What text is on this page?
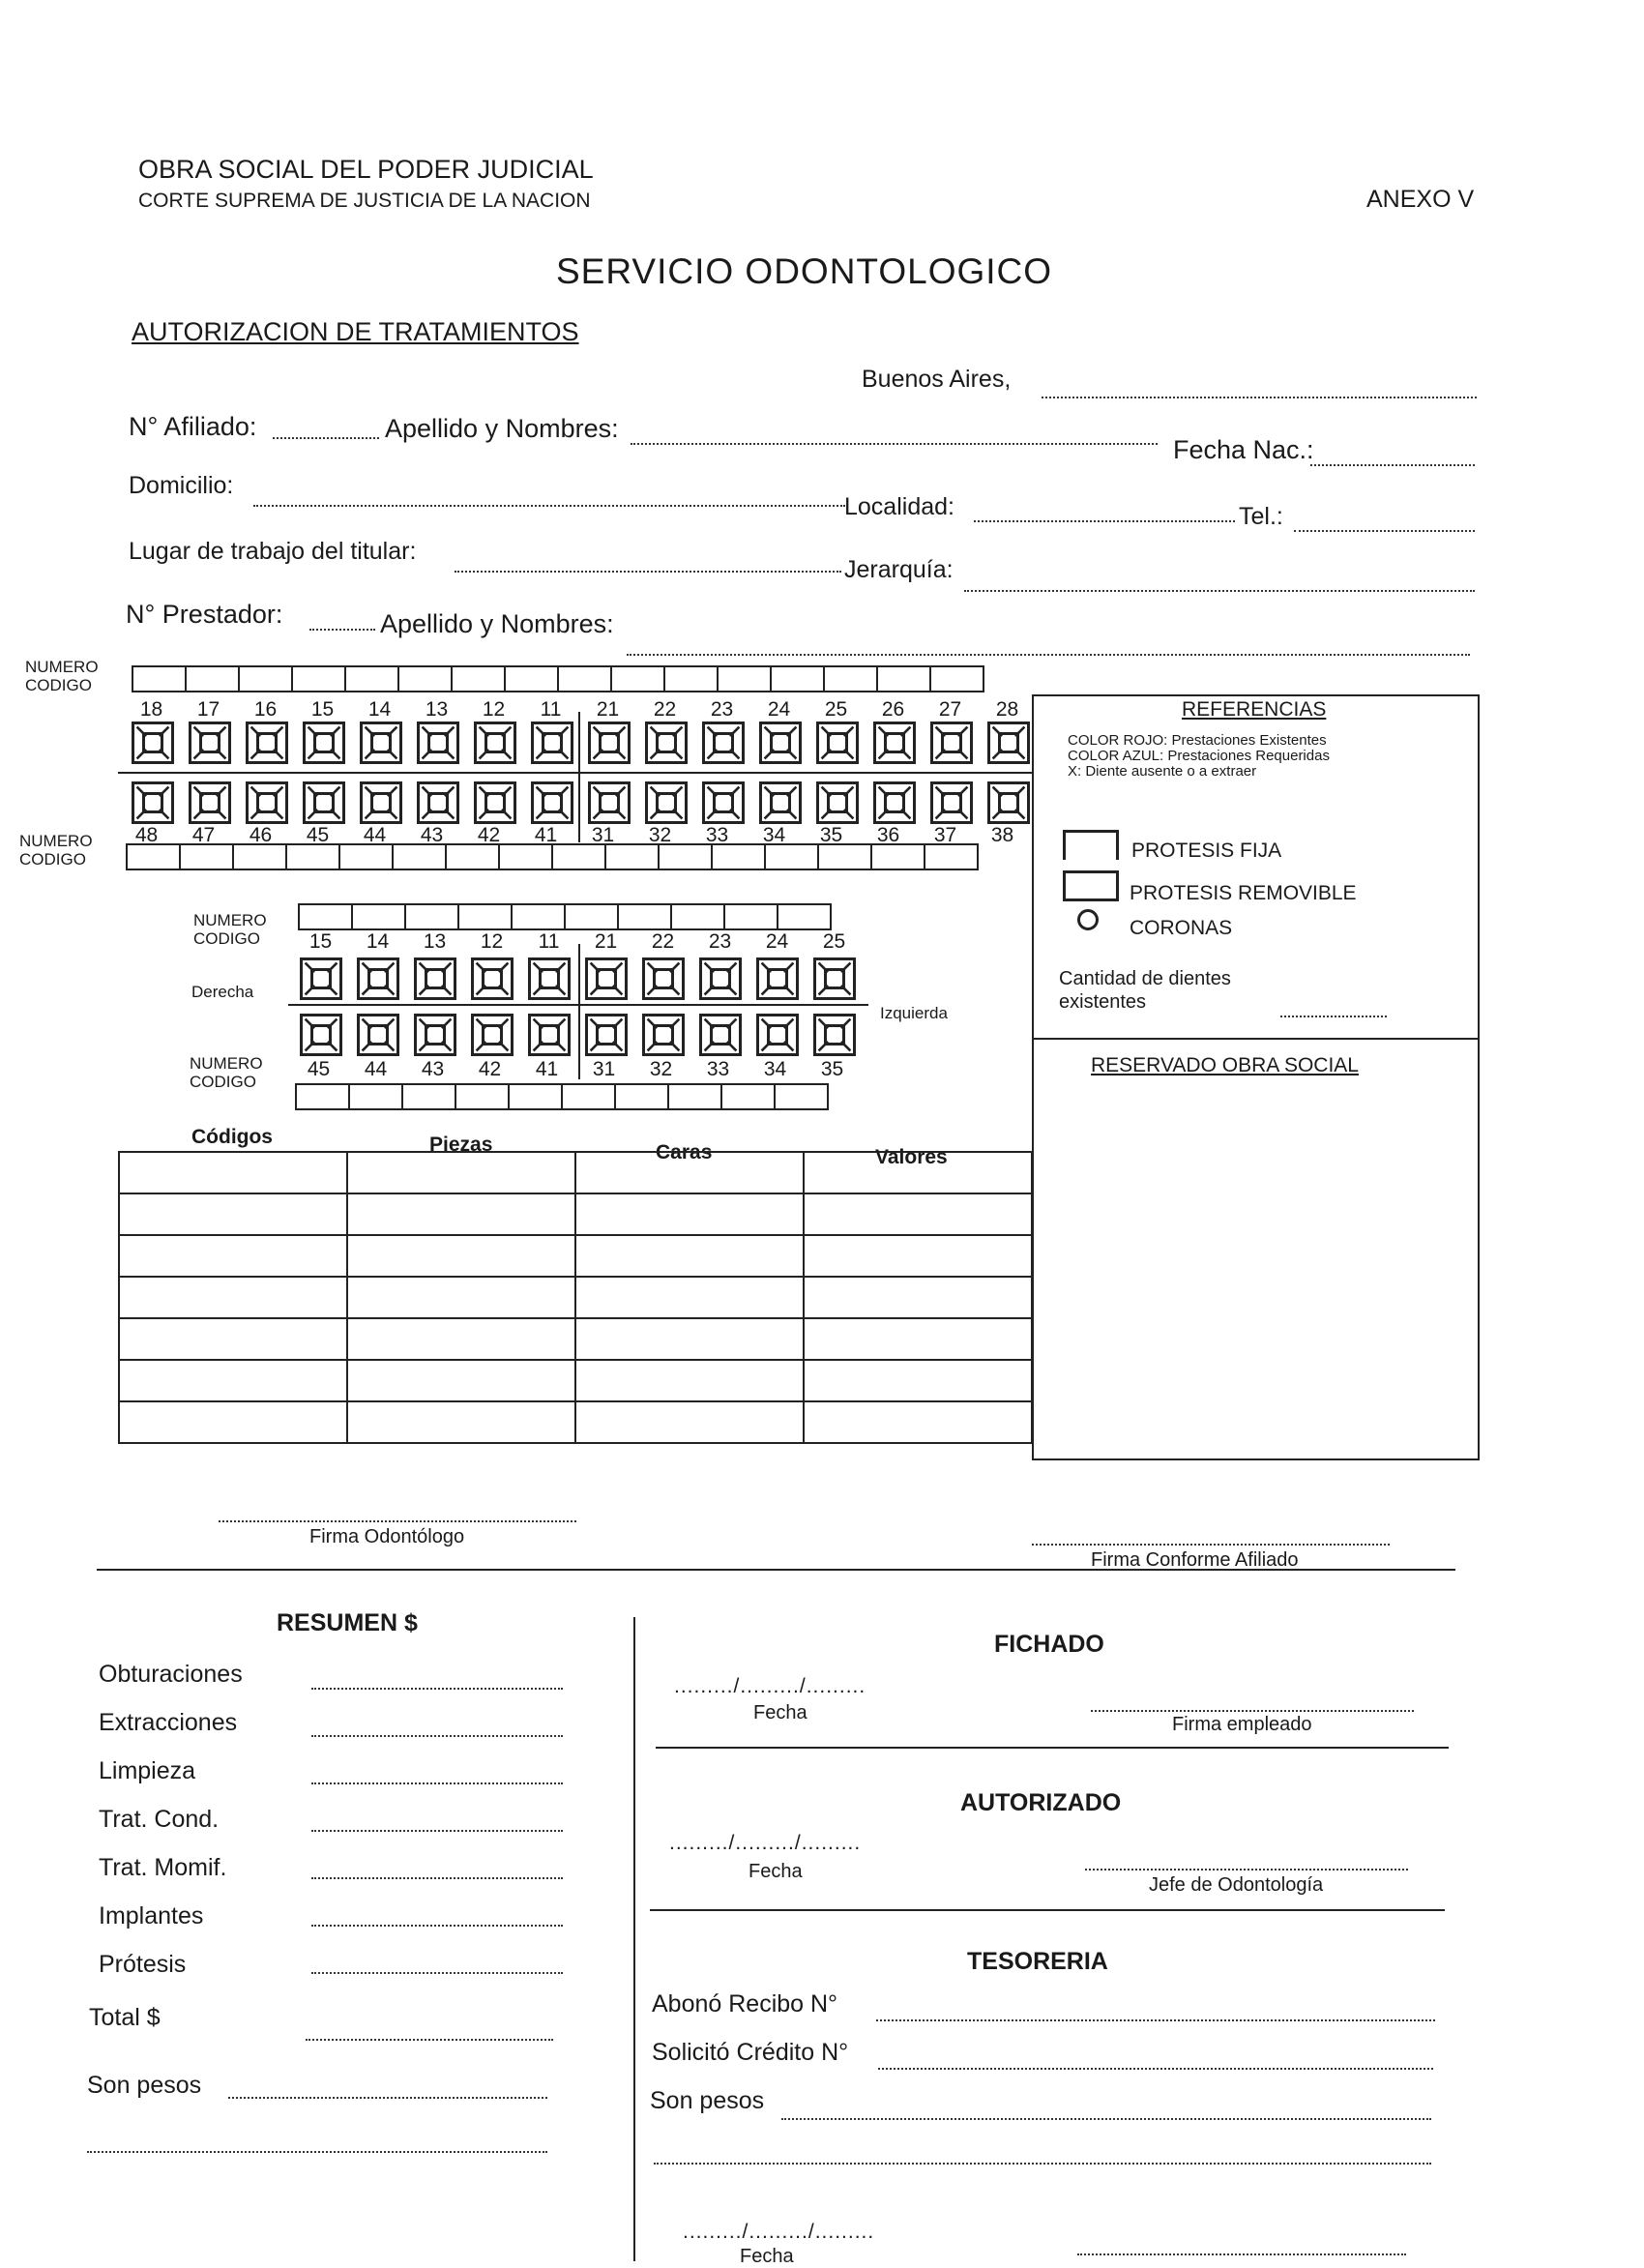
OBRA SOCIAL DEL PODER JUDICIAL
CORTE SUPREMA DE JUSTICIA DE LA NACION	ANEXO V
SERVICIO ODONTOLOGICO
AUTORIZACION DE TRATAMIENTOS
Buenos Aires,
N° Afiliado:	Apellido y Nombres:
Fecha Nac.:
Domicilio:
Localidad:	Tel.:
Lugar de trabajo del titular:
Jerarquía:
N° Prestador:	Apellido y Nombres:
NUMERO
CODIGO
18	17	16	15	14	13	12	11	21	22	23	24	25	26	27	28
48	47	46	45	44	43	42	41	31	32	33	34	35	36	37	38
NUMERO
CODIGO
NUMERO
CODIGO	15	14	13	12	11	21	22	23	24	25
Derecha
Izquierda
NUMERO
CODIGO
45	44	43	42	41	31	32	33	34	35
REFERENCIAS
COLOR ROJO: Prestaciones Existentes
COLOR AZUL: Prestaciones Requeridas
X: Diente ausente o a extraer
PROTESIS FIJA
PROTESIS REMOVIBLE
CORONAS
Cantidad de dientes
existentes
RESERVADO OBRA SOCIAL
Códigos	Piezas	Caras	Valores

Firma Odontólogo
Firma Conforme Afiliado
RESUMEN $
Obturaciones
Extracciones
Limpieza
Trat. Cond.
Trat. Momif.
Implantes
Prótesis
Total $
Son pesos
FICHADO
........./........./.........
Fecha
Firma empleado
AUTORIZADO
........./........./.........
Fecha
Jefe de Odontología
TESORERIA
Abonó Recibo N°
Solicitó Crédito N°
Son pesos
........./........./.........
Fecha
